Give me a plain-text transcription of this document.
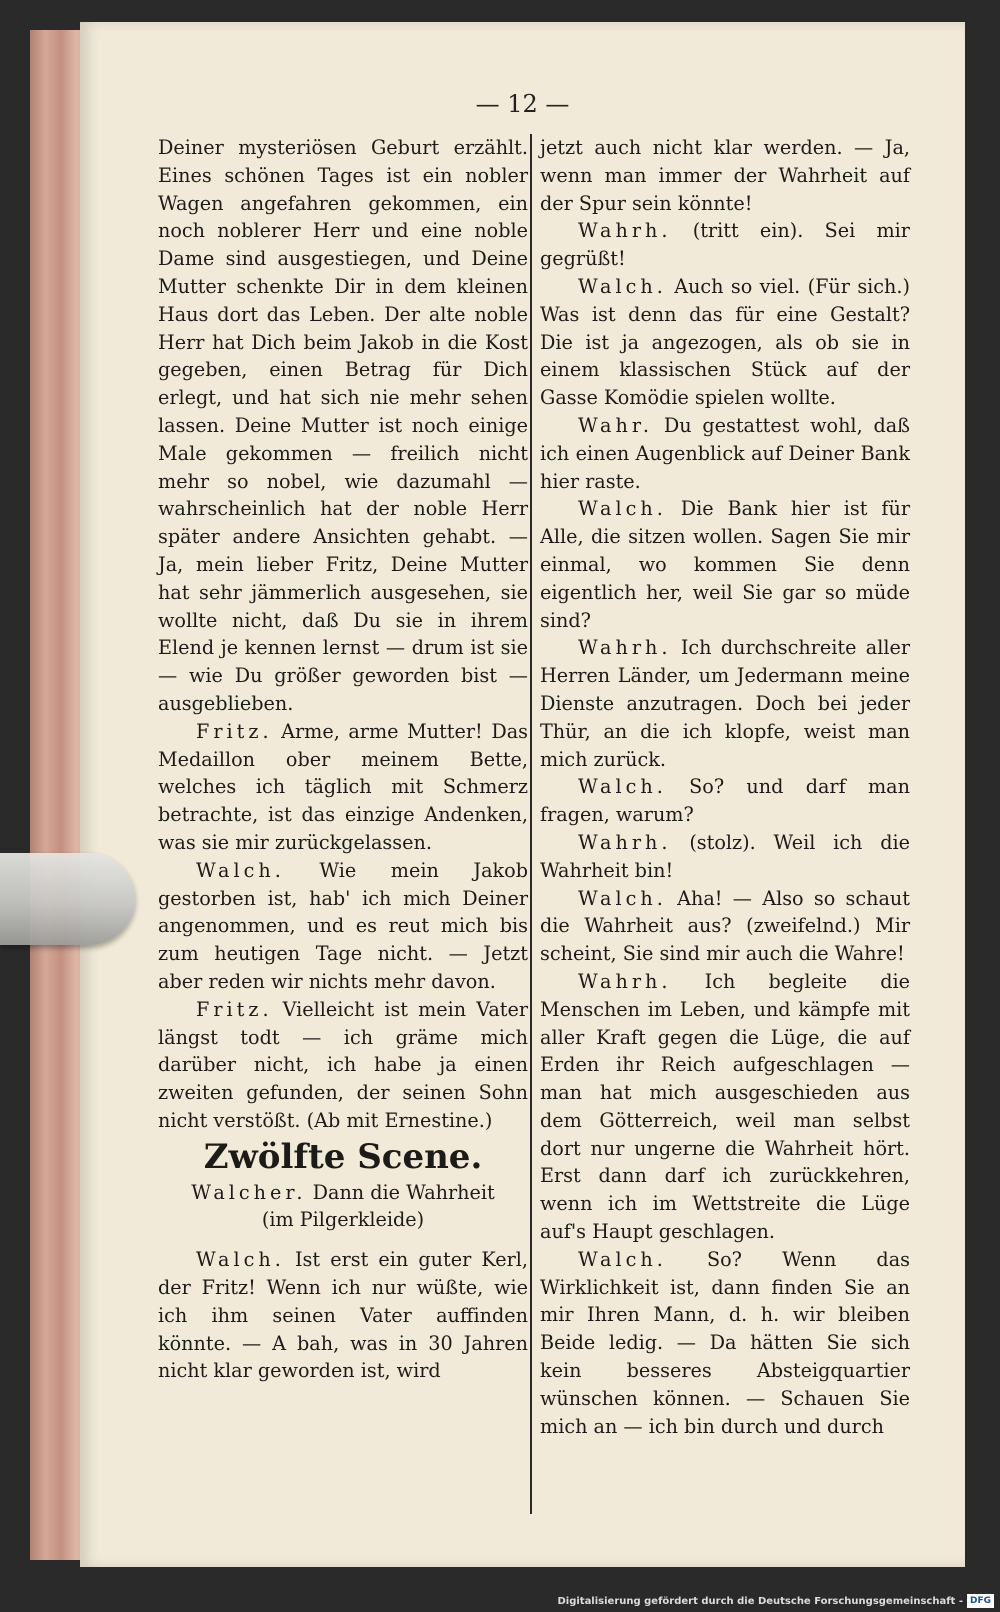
— 12 —

Deiner mysteriösen Geburt erzählt. Eines schönen Tages ist ein nobler Wagen angefahren gekommen, ein noch noblerer Herr und eine noble Dame sind ausgestiegen, und Deine Mutter schenkte Dir in dem kleinen Haus dort das Leben. Der alte noble Herr hat Dich beim Jakob in die Kost gegeben, einen Betrag für Dich erlegt, und hat sich nie mehr sehen lassen. Deine Mutter ist noch einige Male gekommen — freilich nicht mehr so nobel, wie dazumahl — wahrscheinlich hat der noble Herr später andere Ansichten gehabt. — Ja, mein lieber Fritz, Deine Mutter hat sehr jämmerlich ausgesehen, sie wollte nicht, daß Du sie in ihrem Elend je kennen lernst — drum ist sie — wie Du größer geworden bist — ausgeblieben.

Fritz. Arme, arme Mutter! Das Medaillon ober meinem Bette, welches ich täglich mit Schmerz betrachte, ist das einzige Andenken, was sie mir zurückgelassen.

Walch. Wie mein Jakob gestorben ist, hab' ich mich Deiner angenommen, und es reut mich bis zum heutigen Tage nicht. — Jetzt aber reden wir nichts mehr davon.

Fritz. Vielleicht ist mein Vater längst todt — ich gräme mich darüber nicht, ich habe ja einen zweiten gefunden, der seinen Sohn nicht verstößt. (Ab mit Ernestine.)

Zwölfte Scene.

Walcher. Dann die Wahrheit

(im Pilgerkleide)

Walch. Ist erst ein guter Kerl, der Fritz! Wenn ich nur wüßte, wie ich ihm seinen Vater auffinden könnte. — A bah, was in 30 Jahren nicht klar geworden ist, wird

jetzt auch nicht klar werden. — Ja, wenn man immer der Wahrheit auf der Spur sein könnte!

Wahrh. (tritt ein). Sei mir gegrüßt!

Walch. Auch so viel. (Für sich.) Was ist denn das für eine Gestalt? Die ist ja angezogen, als ob sie in einem klassischen Stück auf der Gasse Komödie spielen wollte.

Wahr. Du gestattest wohl, daß ich einen Augenblick auf Deiner Bank hier raste.

Walch. Die Bank hier ist für Alle, die sitzen wollen. Sagen Sie mir einmal, wo kommen Sie denn eigentlich her, weil Sie gar so müde sind?

Wahrh. Ich durchschreite aller Herren Länder, um Jedermann meine Dienste anzutragen. Doch bei jeder Thür, an die ich klopfe, weist man mich zurück.

Walch. So? und darf man fragen, warum?

Wahrh. (stolz). Weil ich die Wahrheit bin!

Walch. Aha! — Also so schaut die Wahrheit aus? (zweifelnd.) Mir scheint, Sie sind mir auch die Wahre!

Wahrh. Ich begleite die Menschen im Leben, und kämpfe mit aller Kraft gegen die Lüge, die auf Erden ihr Reich aufgeschlagen — man hat mich ausgeschieden aus dem Götterreich, weil man selbst dort nur ungerne die Wahrheit hört. Erst dann darf ich zurückkehren, wenn ich im Wettstreite die Lüge auf's Haupt geschlagen.

Walch. So? Wenn das Wirklichkeit ist, dann finden Sie an mir Ihren Mann, d. h. wir bleiben Beide ledig. — Da hätten Sie sich kein besseres Absteigquartier wünschen können. — Schauen Sie mich an — ich bin durch und durch

Digitalisierung gefördert durch die Deutsche Forschungsgemeinschaft - DFG
